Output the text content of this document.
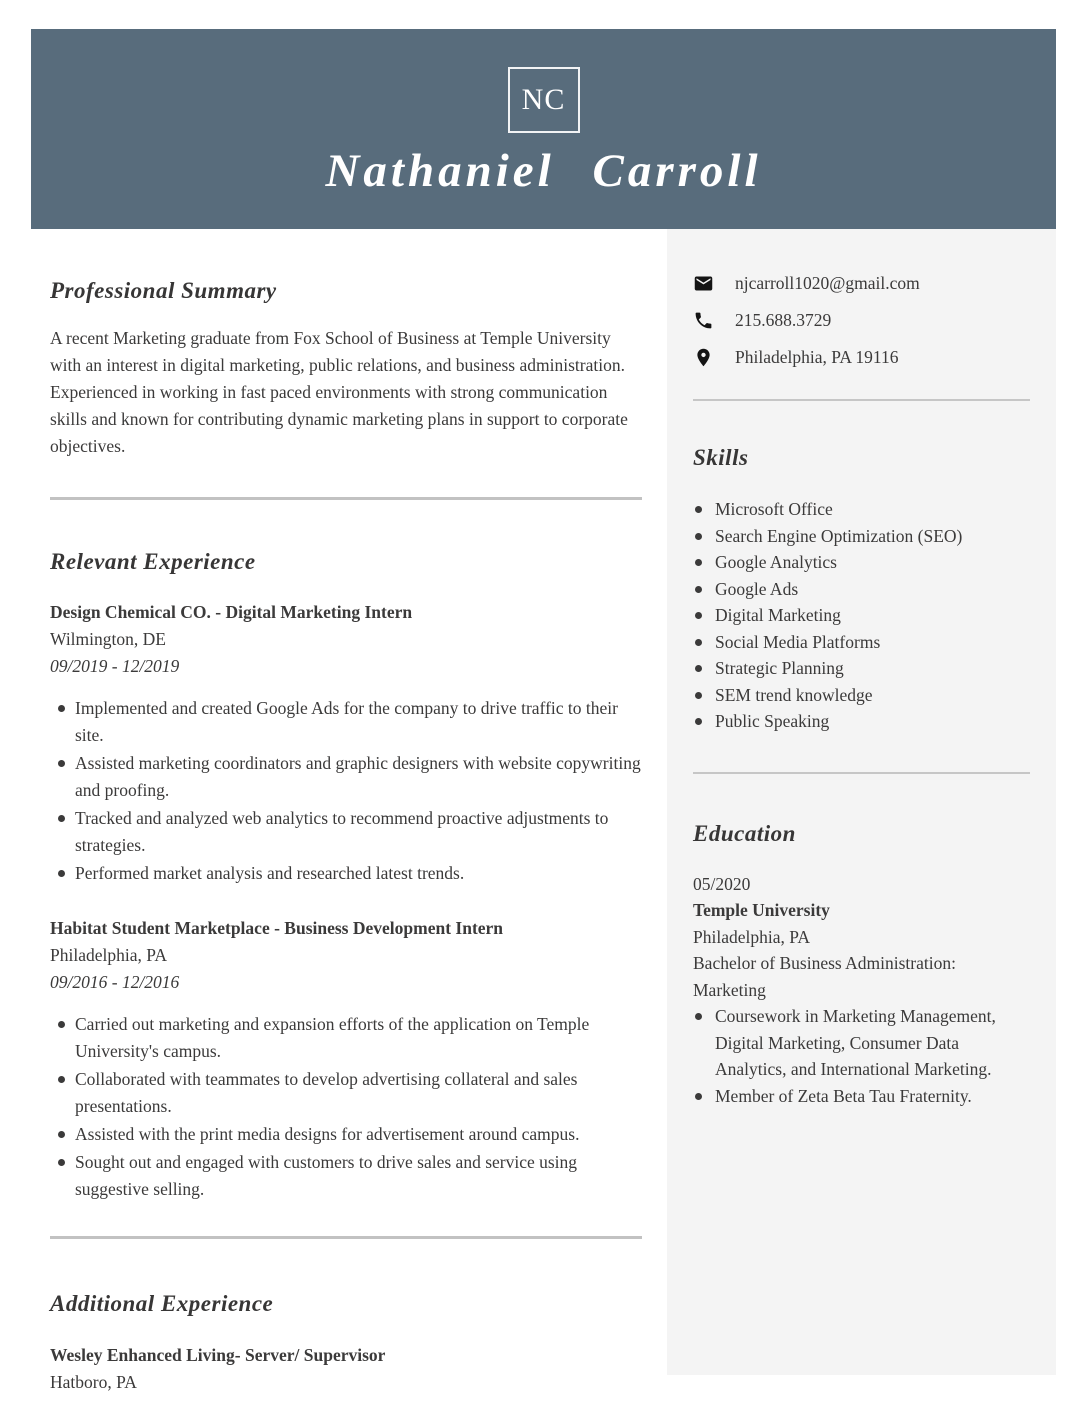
NC
Nathaniel Carroll
Professional Summary

A recent Marketing graduate from Fox School of Business at Temple University with an interest in digital marketing, public relations, and business administration. Experienced in working in fast paced environments with strong communication skills and known for contributing dynamic marketing plans in support to corporate objectives.

Relevant Experience
Design Chemical CO. - Digital Marketing Intern
Wilmington, DE
09/2019 - 12/2019
Implemented and created Google Ads for the company to drive traffic to their site.
Assisted marketing coordinators and graphic designers with website copywriting and proofing.
Tracked and analyzed web analytics to recommend proactive adjustments to strategies.
Performed market analysis and researched latest trends.
Habitat Student Marketplace - Business Development Intern
Philadelphia, PA
09/2016 - 12/2016
Carried out marketing and expansion efforts of the application on Temple University's campus.
Collaborated with teammates to develop advertising collateral and sales presentations.
Assisted with the print media designs for advertisement around campus.
Sought out and engaged with customers to drive sales and service using suggestive selling.
Additional Experience
Wesley Enhanced Living- Server/ Supervisor
Hatboro, PA
njcarroll1020@gmail.com
215.688.3729
Philadelphia, PA 19116
Skills
Microsoft Office
Search Engine Optimization (SEO)
Google Analytics
Google Ads
Digital Marketing
Social Media Platforms
Strategic Planning
SEM trend knowledge
Public Speaking
Education
05/2020
Temple University
Philadelphia, PA
Bachelor of Business Administration: Marketing
Coursework in Marketing Management, Digital Marketing, Consumer Data Analytics, and International Marketing.
Member of Zeta Beta Tau Fraternity.
